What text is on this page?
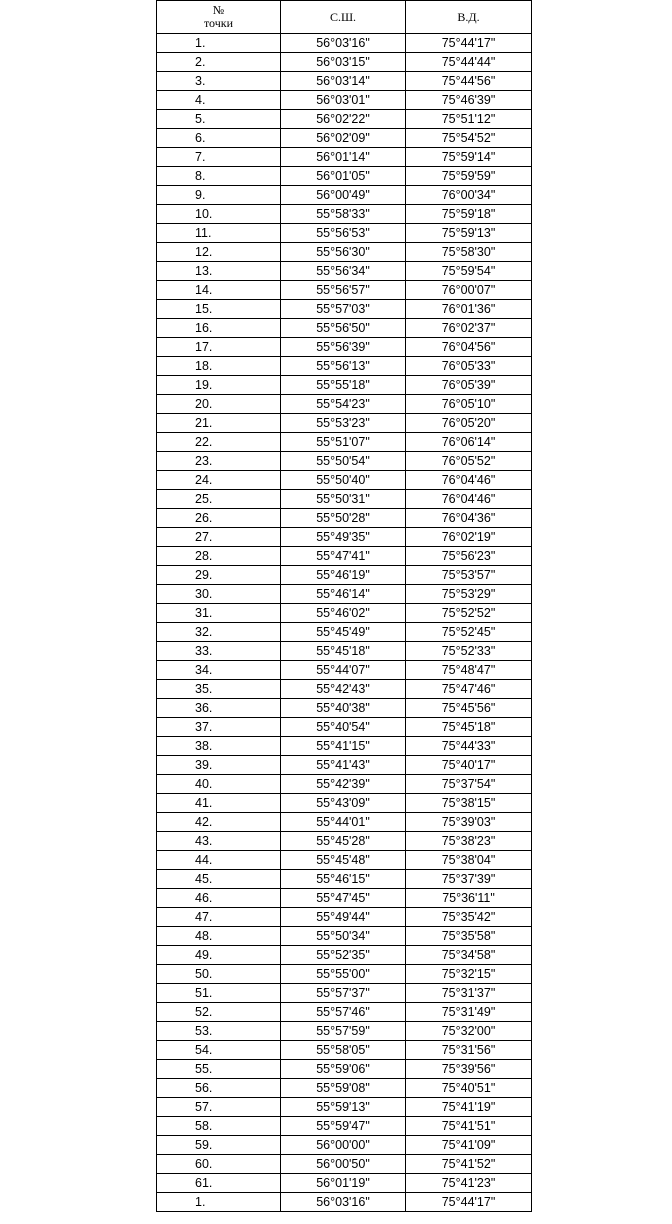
№
точки	С.Ш.	В.Д.
1.	56°03'16"	75°44'17"
2.	56°03'15"	75°44'44"
3.	56°03'14"	75°44'56"
4.	56°03'01"	75°46'39"
5.	56°02'22"	75°51'12"
6.	56°02'09"	75°54'52"
7.	56°01'14"	75°59'14"
8.	56°01'05"	75°59'59"
9.	56°00'49"	76°00'34"
10.	55°58'33"	75°59'18"
11.	55°56'53"	75°59'13"
12.	55°56'30"	75°58'30"
13.	55°56'34"	75°59'54"
14.	55°56'57"	76°00'07"
15.	55°57'03"	76°01'36"
16.	55°56'50"	76°02'37"
17.	55°56'39"	76°04'56"
18.	55°56'13"	76°05'33"
19.	55°55'18"	76°05'39"
20.	55°54'23"	76°05'10"
21.	55°53'23"	76°05'20"
22.	55°51'07"	76°06'14"
23.	55°50'54"	76°05'52"
24.	55°50'40"	76°04'46"
25.	55°50'31"	76°04'46"
26.	55°50'28"	76°04'36"
27.	55°49'35"	76°02'19"
28.	55°47'41"	75°56'23"
29.	55°46'19"	75°53'57"
30.	55°46'14"	75°53'29"
31.	55°46'02"	75°52'52"
32.	55°45'49"	75°52'45"
33.	55°45'18"	75°52'33"
34.	55°44'07"	75°48'47"
35.	55°42'43"	75°47'46"
36.	55°40'38"	75°45'56"
37.	55°40'54"	75°45'18"
38.	55°41'15"	75°44'33"
39.	55°41'43"	75°40'17"
40.	55°42'39"	75°37'54"
41.	55°43'09"	75°38'15"
42.	55°44'01"	75°39'03"
43.	55°45'28"	75°38'23"
44.	55°45'48"	75°38'04"
45.	55°46'15"	75°37'39"
46.	55°47'45"	75°36'11"
47.	55°49'44"	75°35'42"
48.	55°50'34"	75°35'58"
49.	55°52'35"	75°34'58"
50.	55°55'00"	75°32'15"
51.	55°57'37"	75°31'37"
52.	55°57'46"	75°31'49"
53.	55°57'59"	75°32'00"
54.	55°58'05"	75°31'56"
55.	55°59'06"	75°39'56"
56.	55°59'08"	75°40'51"
57.	55°59'13"	75°41'19"
58.	55°59'47"	75°41'51"
59.	56°00'00"	75°41'09"
60.	56°00'50"	75°41'52"
61.	56°01'19"	75°41'23"
1.	56°03'16"	75°44'17"
